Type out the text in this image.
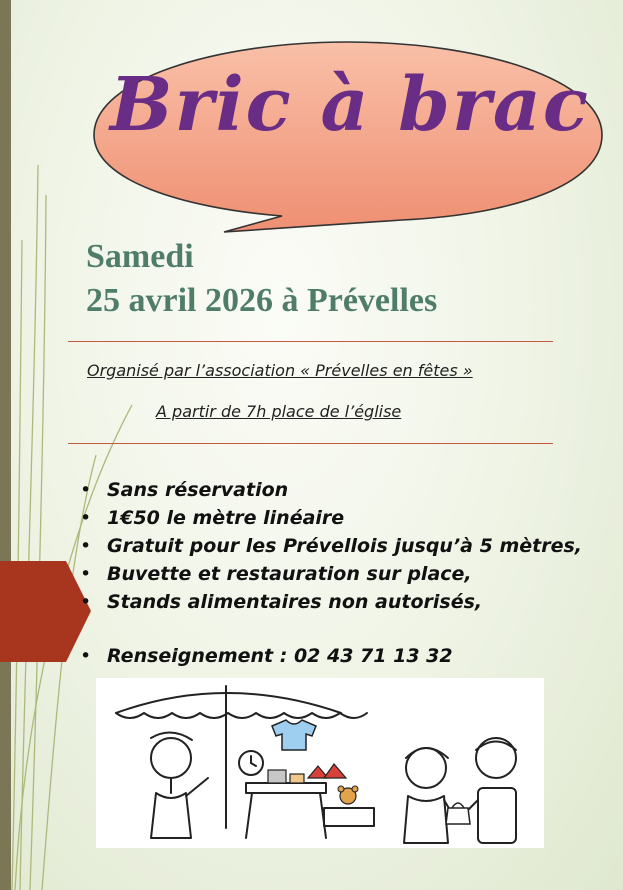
Bric à brac
Samedi
25 avril 2026 à Prévelles
Organisé par l’association « Prévelles en fêtes »
A partir de 7h place de l’église
• Sans réservation
• 1€50 le mètre linéaire
• Gratuit pour les Prévellois jusqu’à 5 mètres,
• Buvette et restauration sur place,
• Stands alimentaires non autorisés,
• Renseignement : 02 43 71 13 32
